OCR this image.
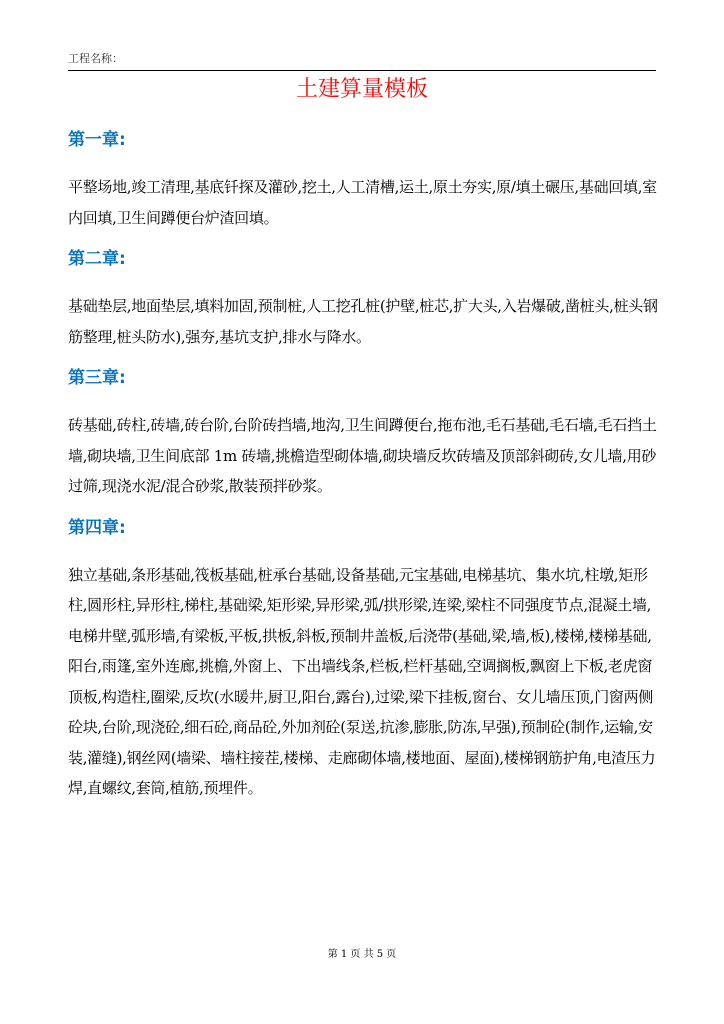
工程名称：
土建算量模板
第一章:

平整场地,竣工清理,基底钎探及灌砂,挖土,人工清槽,运土,原土夯实,原/填土碾压,基础回填,室内回填,卫生间蹲便台炉渣回填。

第二章:

基础垫层,地面垫层,填料加固,预制桩,人工挖孔桩(护壁,桩芯,扩大头,入岩爆破,凿桩头,桩头钢筋整理,桩头防水),强夯,基坑支护,排水与降水。

第三章:

砖基础,砖柱,砖墙,砖台阶,台阶砖挡墙,地沟,卫生间蹲便台,拖布池,毛石基础,毛石墙,毛石挡土墙,砌块墙,卫生间底部 1m 砖墙,挑檐造型砌体墙,砌块墙反坎砖墙及顶部斜砌砖,女儿墙,用砂过筛,现浇水泥/混合砂浆,散装预拌砂浆。

第四章:

独立基础,条形基础,筏板基础,桩承台基础,设备基础,元宝基础,电梯基坑、集水坑,柱墩,矩形柱,圆形柱,异形柱,梯柱,基础梁,矩形梁,异形梁,弧/拱形梁,连梁,梁柱不同强度节点,混凝土墙,电梯井壁,弧形墙,有梁板,平板,拱板,斜板,预制井盖板,后浇带(基础,梁,墙,板),楼梯,楼梯基础,阳台,雨篷,室外连廊,挑檐,外窗上、下出墙线条,栏板,栏杆基础,空调搁板,飘窗上下板,老虎窗顶板,构造柱,圈梁,反坎(水暖井,厨卫,阳台,露台),过梁,梁下挂板,窗台、女儿墙压顶,门窗两侧砼块,台阶,现浇砼,细石砼,商品砼,外加剂砼(泵送,抗渗,膨胀,防冻,早强),预制砼(制作,运输,安装,灌缝),钢丝网(墙梁、墙柱接茬,楼梯、走廊砌体墙,楼地面、屋面),楼梯钢筋护角,电渣压力焊,直螺纹,套筒,植筋,预埋件。

第 1 页 共 5 页
